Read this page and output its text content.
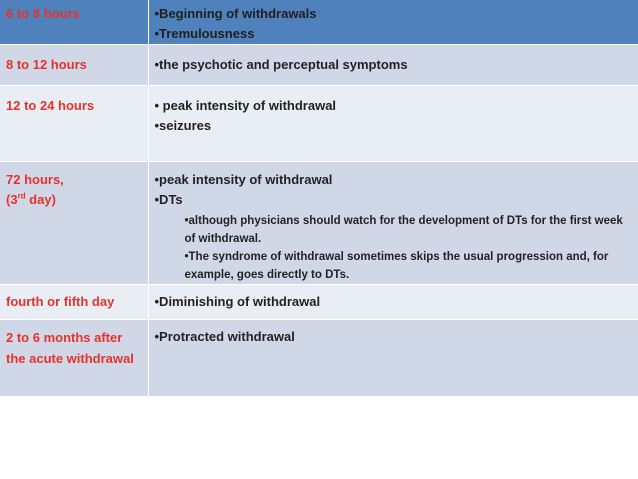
6 to 8 hours	•Beginning of withdrawals
•Tremulousness

8 to 12 hours	•the psychotic and perceptual symptoms

12 to 24 hours	• peak intensity of withdrawal
•seizures

72 hours,
(3rd day)	•peak intensity of withdrawal
•DTs
•although physicians should watch for the development of DTs for the first week of withdrawal.
•The syndrome of withdrawal sometimes skips the usual progression and, for example, goes directly to DTs.

fourth or fifth day	•Diminishing of withdrawal

2 to 6 months after the acute withdrawal	•Protracted withdrawal
